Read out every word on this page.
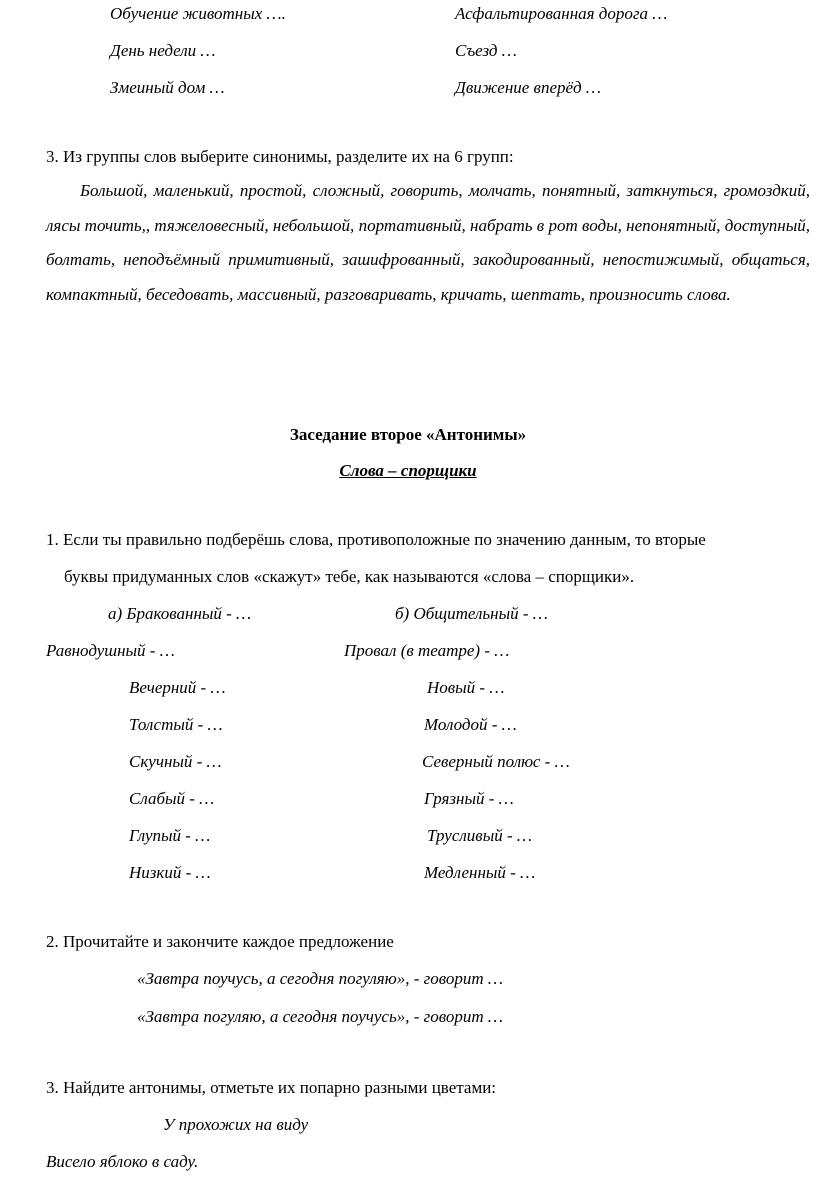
Обучение животных ….	Асфальтированная дорога …
День недели …	Съезд …
Змеиный дом …	Движение вперёд …
3. Из группы слов выберите синонимы, разделите их на 6 групп:
Большой, маленький, простой, сложный, говорить, молчать, понятный, заткнуться, громоздкий, лясы точить,, тяжеловесный, небольшой, портативный, набрать в рот воды, непонятный, доступный, болтать, неподъёмный примитивный, зашифрованный, закодированный, непостижимый, общаться, компактный, беседовать, массивный, разговаривать, кричать, шептать, произносить слова.
Заседание второе «Антонимы»
Слова – спорщики
1. Если ты правильно подберёшь слова, противоположные по значению данным, то вторые
буквы придуманных слов «скажут» тебе, как называются «слова – спорщики».
а) Бракованный - …	б) Общительный - …
Равнодушный - …	Провал (в театре) - …
Вечерний - …	Новый - …
Толстый - …	Молодой - …
Скучный - …	Северный полюс - …
Слабый - …	Грязный - …
Глупый - …	Трусливый - …
Низкий - …	Медленный - …
2. Прочитайте и закончите каждое предложение
«Завтра поучусь, а сегодня погуляю», - говорит …
«Завтра погуляю, а сегодня поучусь», - говорит …
3. Найдите антонимы, отметьте их попарно разными цветами:
У прохожих на виду
Висело яблоко в саду.
